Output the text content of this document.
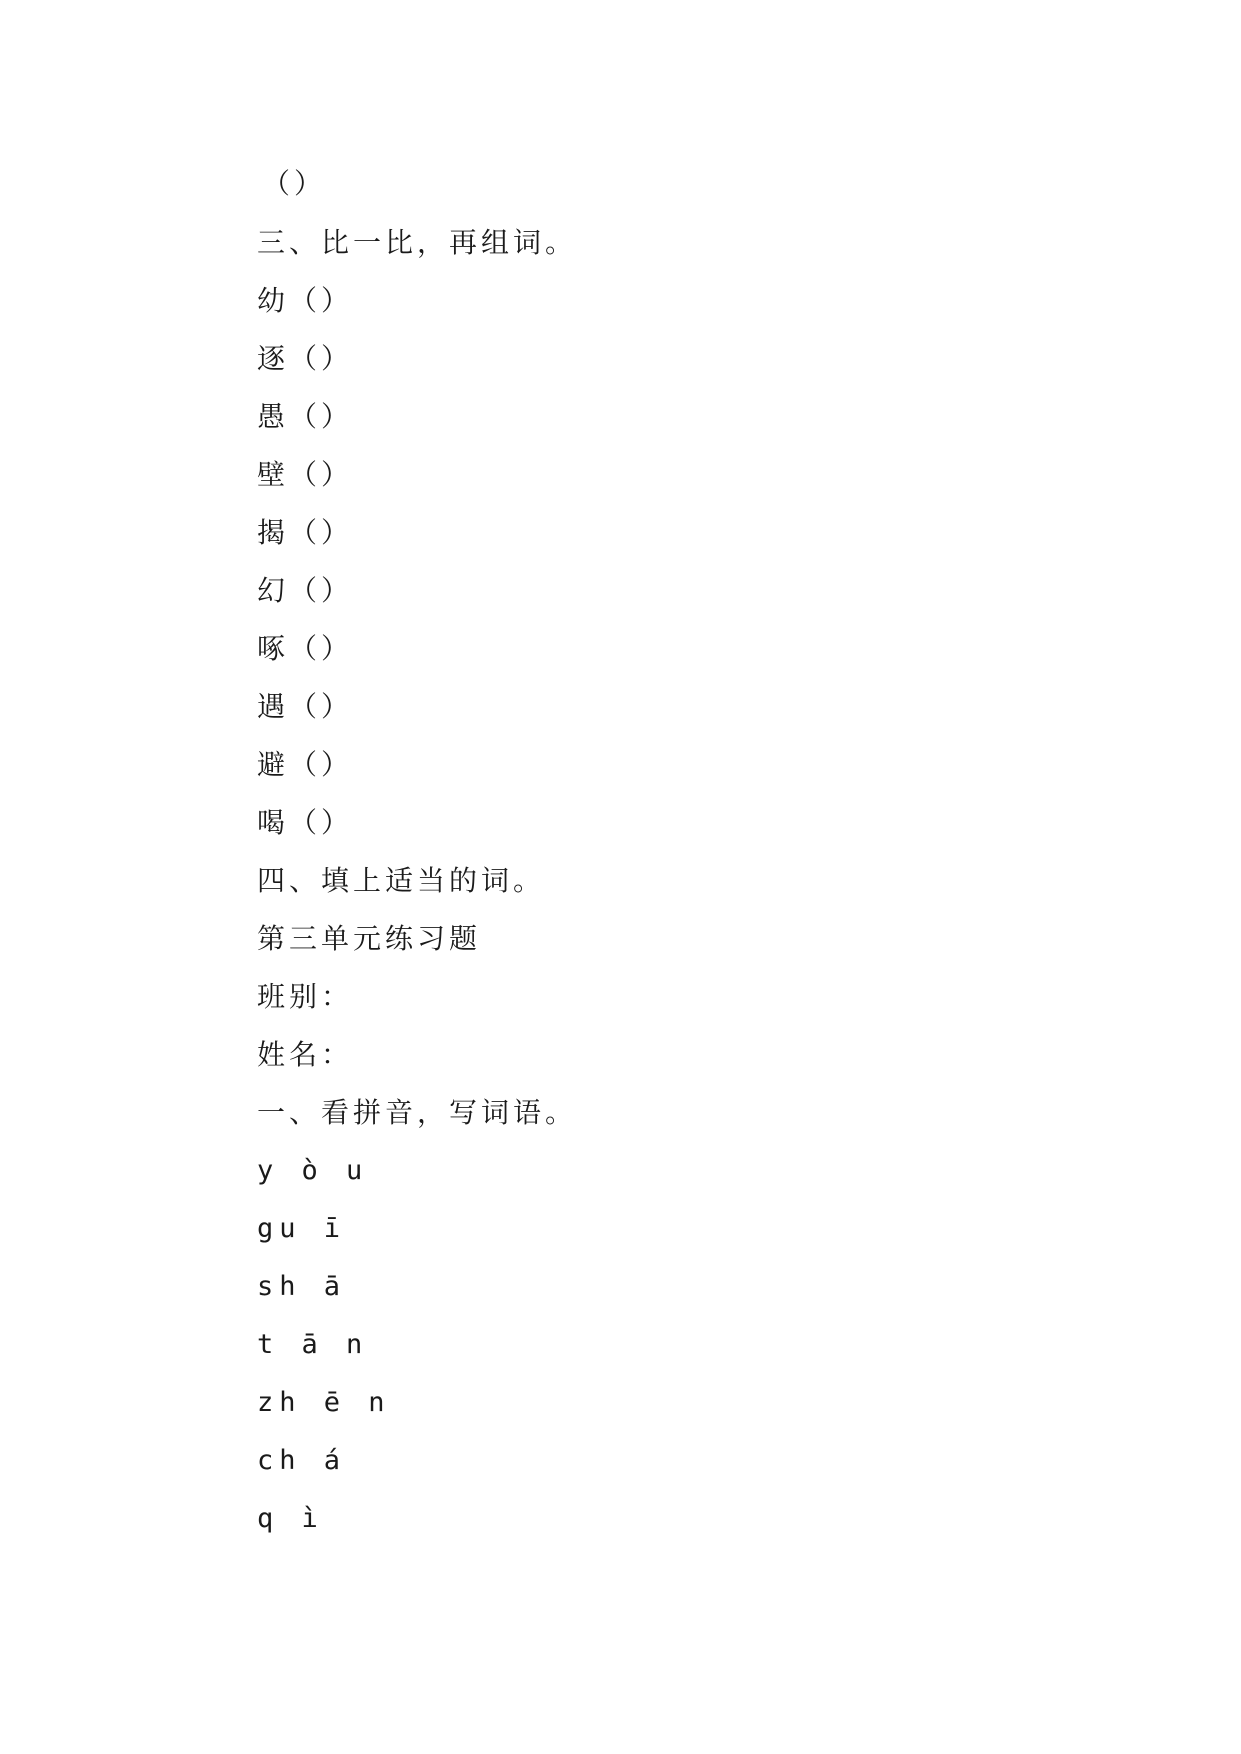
（）
三、比一比，再组词。
幼（）
逐（）
愚（）
壁（）
揭（）
幻（）
啄（）
遇（）
避（）
喝（）
四、填上适当的词。
第三单元练习题
班别：
姓名：
一、看拼音，写词语。
y ò u
gu ī
sh ā
t ā n
zh ē n
ch á
q ì
